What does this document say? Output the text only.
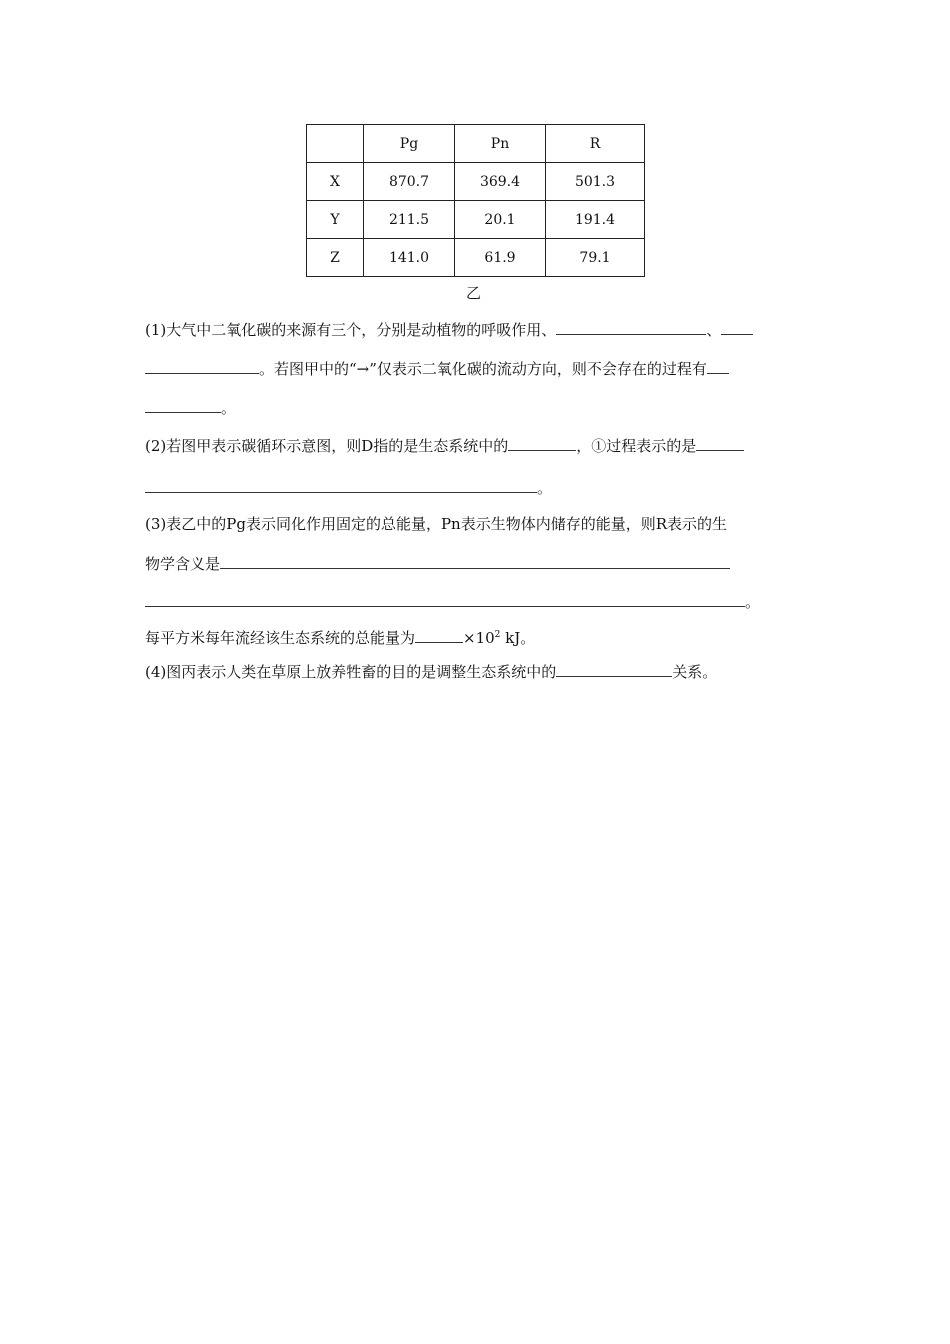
	Pg	Pn	R
X	870.7	369.4	501.3
Y	211.5	20.1	191.4
Z	141.0	61.9	79.1
乙
(1)大气中二氧化碳的来源有三个，分别是动植物的呼吸作用、	、
。若图甲中的“→”仅表示二氧化碳的流动方向，则不会存在的过程有
。
(2)若图甲表示碳循环示意图，则D指的是生态系统中的	，①过程表示的是
。
(3)表乙中的Pg表示同化作用固定的总能量，Pn表示生物体内储存的能量，则R表示的生
物学含义是
。
每平方米每年流经该生态系统的总能量为	$\times 10^2$ kJ。
(4)图丙表示人类在草原上放养牲畜的目的是调整生态系统中的	关系。
